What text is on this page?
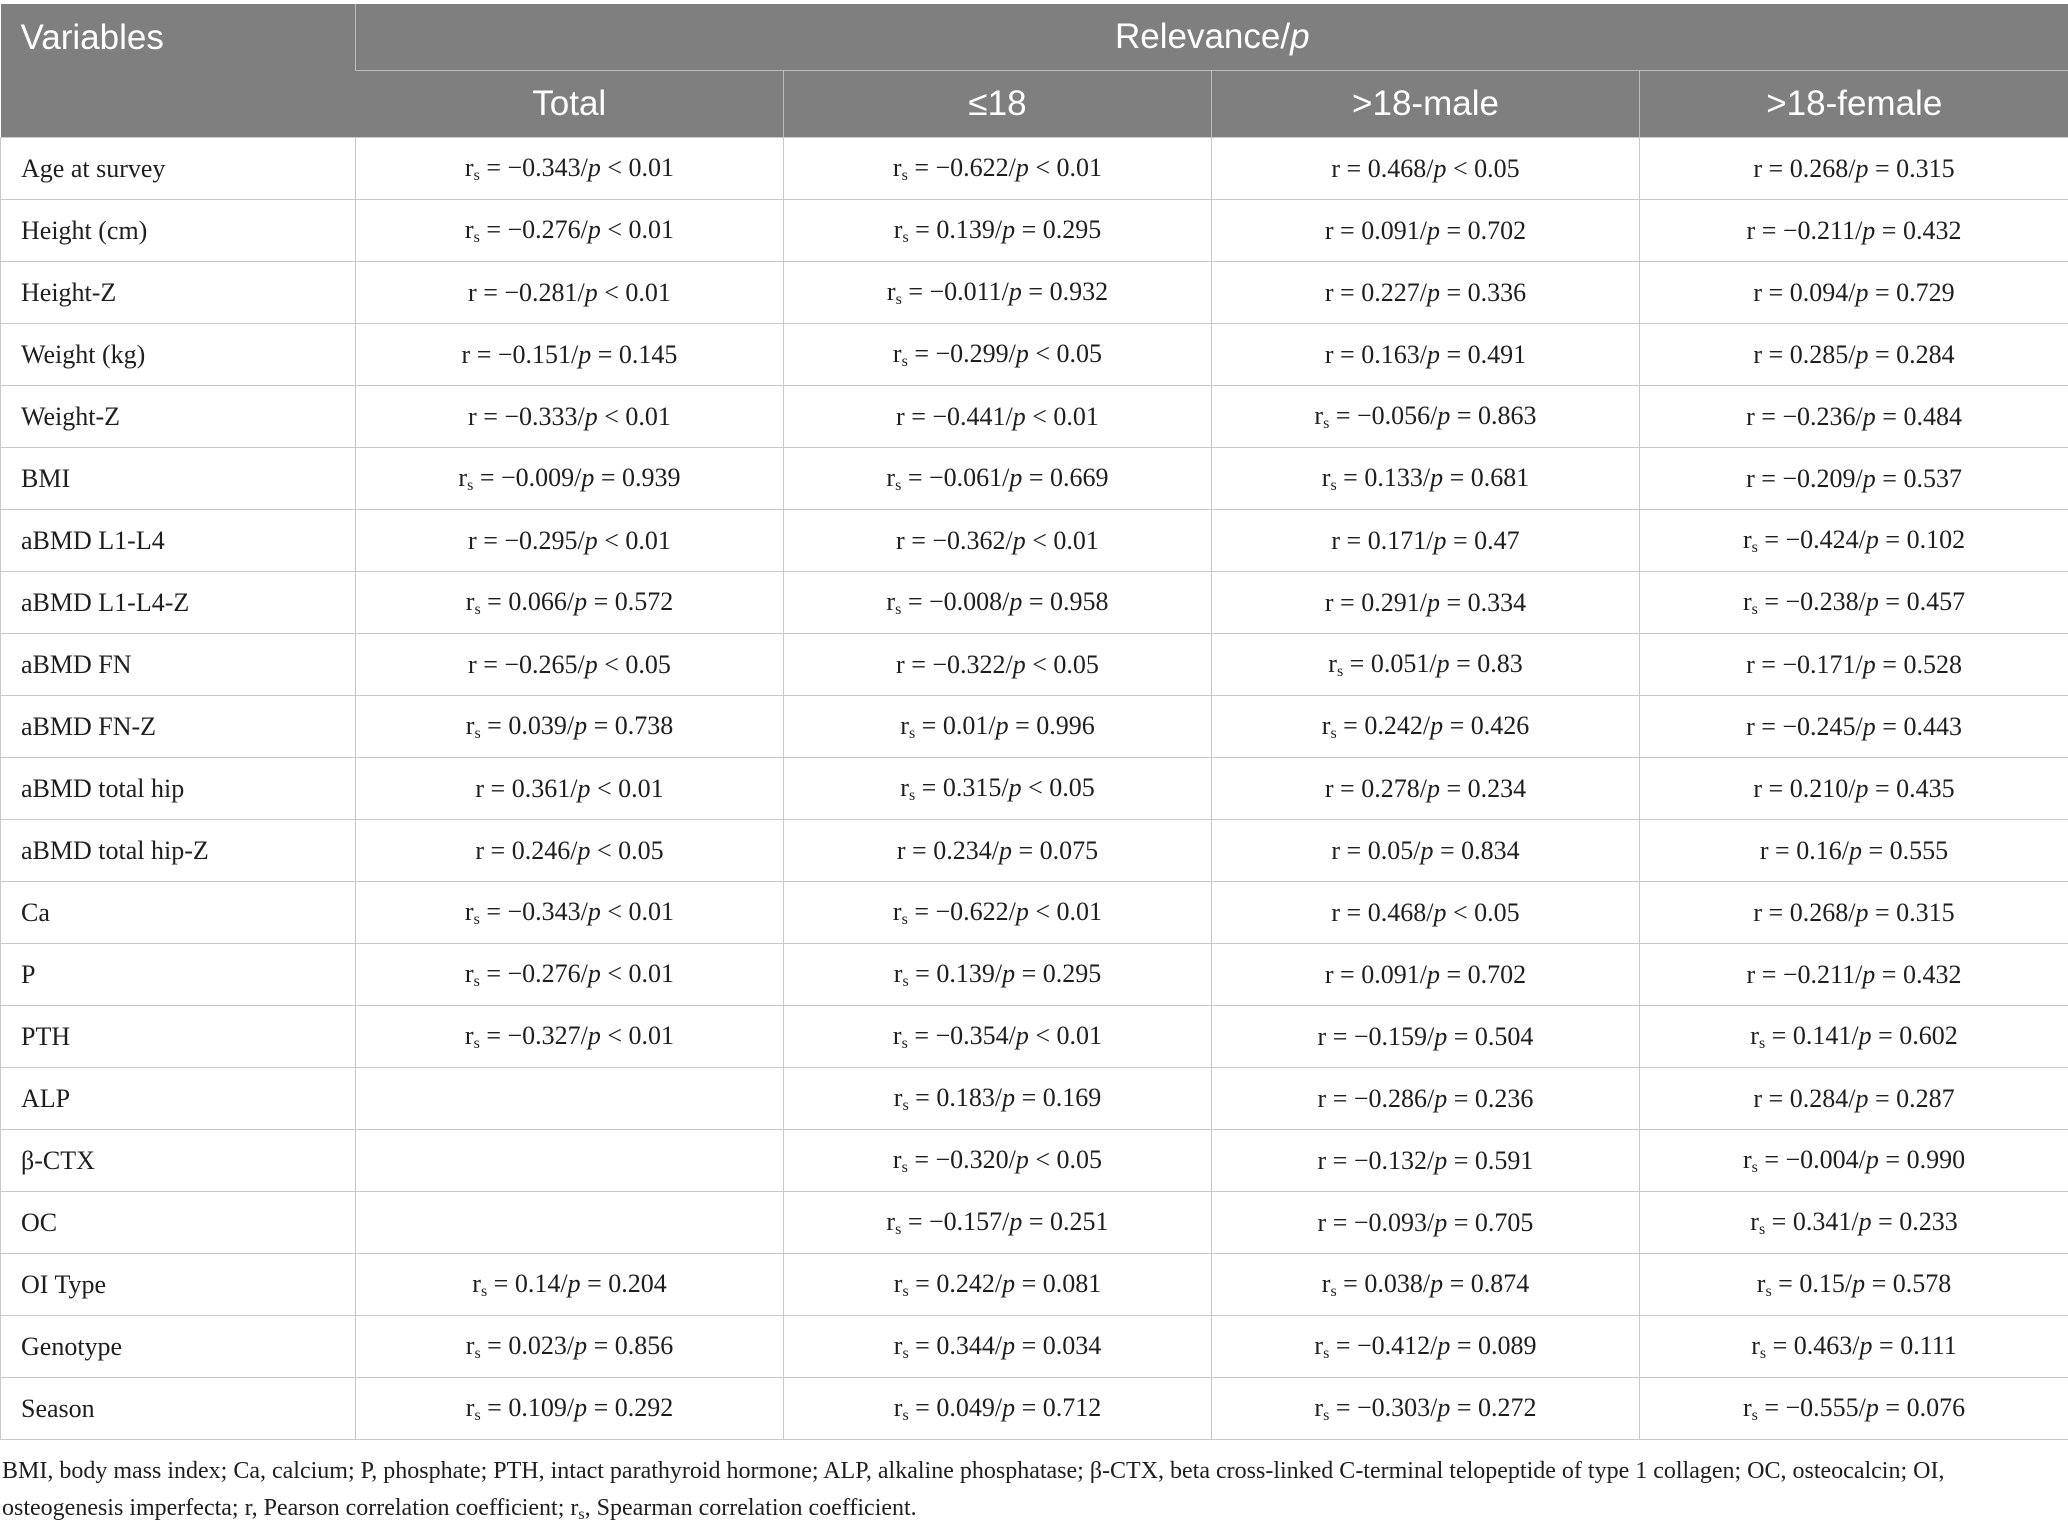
Variables	Relevance/p			
	Total	≤18	>18-male	>18-female
Age at survey	$r_s = -0.343/p < 0.01$	$r_s = -0.622/p < 0.01$	r = 0.468/p < 0.05	r = 0.268/p = 0.315
Height (cm)	$r_s = -0.276/p < 0.01$	$r_s = 0.139/p = 0.295$	r = 0.091/p = 0.702	r = −0.211/p = 0.432
Height-Z	r = −0.281/p < 0.01	$r_s = -0.011/p = 0.932$	r = 0.227/p = 0.336	r = 0.094/p = 0.729
Weight (kg)	r = −0.151/p = 0.145	$r_s = -0.299/p < 0.05$	r = 0.163/p = 0.491	r = 0.285/p = 0.284
Weight-Z	r = −0.333/p < 0.01	r = −0.441/p < 0.01	$r_s = -0.056/p = 0.863$	r = −0.236/p = 0.484
BMI	$r_s = -0.009/p = 0.939$	$r_s = -0.061/p = 0.669$	$r_s = 0.133/p = 0.681$	r = −0.209/p = 0.537
aBMD L1-L4	r = −0.295/p < 0.01	r = −0.362/p < 0.01	r = 0.171/p = 0.47	$r_s = -0.424/p = 0.102$
aBMD L1-L4-Z	$r_s = 0.066/p = 0.572$	$r_s = -0.008/p = 0.958$	r = 0.291/p = 0.334	$r_s = -0.238/p = 0.457$
aBMD FN	r = −0.265/p < 0.05	r = −0.322/p < 0.05	$r_s = 0.051/p = 0.83$	r = −0.171/p = 0.528
aBMD FN-Z	$r_s = 0.039/p = 0.738$	$r_s = 0.01/p = 0.996$	$r_s = 0.242/p = 0.426$	r = −0.245/p = 0.443
aBMD total hip	r = 0.361/p < 0.01	$r_s = 0.315/p < 0.05$	r = 0.278/p = 0.234	r = 0.210/p = 0.435
aBMD total hip-Z	r = 0.246/p < 0.05	r = 0.234/p = 0.075	r = 0.05/p = 0.834	r = 0.16/p = 0.555
Ca	$r_s = -0.343/p < 0.01$	$r_s = -0.622/p < 0.01$	r = 0.468/p < 0.05	r = 0.268/p = 0.315
P	$r_s = -0.276/p < 0.01$	$r_s = 0.139/p = 0.295$	r = 0.091/p = 0.702	r = −0.211/p = 0.432
PTH	$r_s = -0.327/p < 0.01$	$r_s = -0.354/p < 0.01$	r = −0.159/p = 0.504	$r_s = 0.141/p = 0.602$
ALP		$r_s = 0.183/p = 0.169$	r = −0.286/p = 0.236	r = 0.284/p = 0.287
β-CTX		$r_s = -0.320/p < 0.05$	r = −0.132/p = 0.591	$r_s = -0.004/p = 0.990$
OC		$r_s = -0.157/p = 0.251$	r = −0.093/p = 0.705	$r_s = 0.341/p = 0.233$
OI Type	$r_s = 0.14/p = 0.204$	$r_s = 0.242/p = 0.081$	$r_s = 0.038/p = 0.874$	$r_s = 0.15/p = 0.578$
Genotype	$r_s = 0.023/p = 0.856$	$r_s = 0.344/p = 0.034$	$r_s = -0.412/p = 0.089$	$r_s = 0.463/p = 0.111$
Season	$r_s = 0.109/p = 0.292$	$r_s = 0.049/p = 0.712$	$r_s = -0.303/p = 0.272$	$r_s = -0.555/p = 0.076$
BMI, body mass index; Ca, calcium; P, phosphate; PTH, intact parathyroid hormone; ALP, alkaline phosphatase; β-CTX, beta cross-linked C-terminal telopeptide of type 1 collagen; OC, osteocalcin; OI, osteogenesis imperfecta; r, Pearson correlation coefficient; $r_s$, Spearman correlation coefficient.
